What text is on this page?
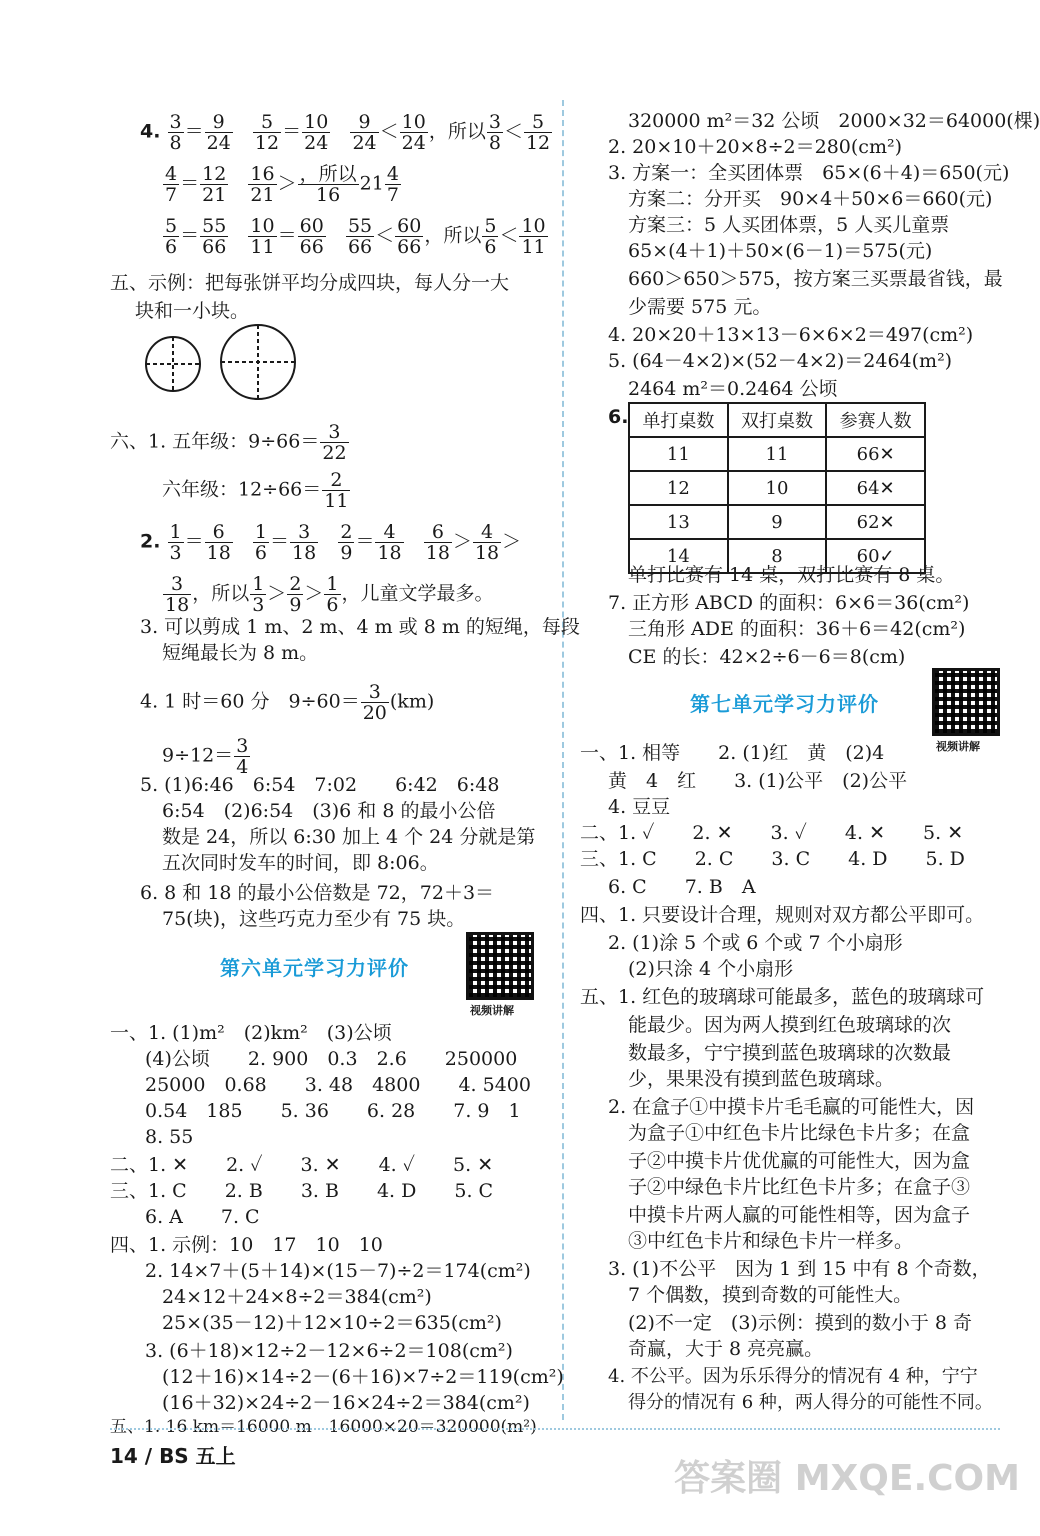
4. $\frac{3}{8} = \frac{9}{24}$
$\frac{5}{12} = \frac{10}{24}$
$\frac{9}{24} < \frac{10}{24}$ ，所以 $\frac{3}{8} < \frac{5}{12}$
$\frac{4}{7} = \frac{12}{21}$
$\frac{16}{21} > \frac{\text{，所以}}{16} 21 \frac{4}{7}$
$\frac{5}{6} = \frac{55}{66}$
$\frac{10}{11} = \frac{60}{66}$
$\frac{55}{66} < \frac{60}{66}$ ，所以 $\frac{5}{6} < \frac{10}{11}$
五、示例：把每张饼平均分成四块，每人分一大
块和一小块。
六、1. 五年级：$9\div 66= \frac{3}{22}$
六年级：$12\div 66= \frac{2}{11}$
2. $\frac{1}{3} = \frac{6}{18}$
$\frac{1}{6} = \frac{3}{18}$
$\frac{2}{9} = \frac{4}{18}$
$\frac{6}{18} > \frac{4}{18}$ ＞
$\frac{3}{18}$ ，所以 $\frac{1}{3} > \frac{2}{9} > \frac{1}{6}$ ，儿童文学最多。
3. 可以剪成 1 m、2 m、4 m 或 8 m 的短绳，每段
短绳最长为 8 m。
4. 1 时＝60 分　$9\div 60= \frac{3}{20} (km)$
$9\div 12= \frac{3}{4}$
5. (1)6:46　6:54　7:02　　6:42　6:48
6:54　(2)6:54　(3)6 和 8 的最小公倍
数是 24，所以 6:30 加上 4 个 24 分就是第
五次同时发车的时间，即 8:06。
6. 8 和 18 的最小公倍数是 72，72＋3＝
75(块)，这些巧克力至少有 75 块。
第六单元学习力评价
视频讲解
一、1. (1)m²　(2)km²　(3)公顷
(4)公顷　　2. 900　0.3　2.6　　250000
25000　0.68　　3. 48　4800　　4. 5400
0.54　185　　5. 36　　6. 28　　7. 9　1
8. 55
二、1. ✕　　2. ✓　　3. ✕　　4. ✓　　5. ✕
三、1. C　　2. B　　3. B　　4. D　　5. C
6. A　　7. C
四、1. 示例：10　17　10　10
2. 14×7＋(5＋14)×(15－7)÷2＝174(cm²)
24×12＋24×8÷2＝384(cm²)
25×(35－12)＋12×10÷2＝635(cm²)
3. (6＋18)×12÷2－12×6÷2＝108(cm²)
(12＋16)×14÷2－(6＋16)×7÷2＝119(cm²)
(16＋32)×24÷2－16×24÷2＝384(cm²)
五、1. 16 km＝16000 m　16000×20＝320000(m²)
320000 m²＝32 公顷　2000×32＝64000(棵)
2. 20×10＋20×8÷2＝280(cm²)
3. 方案一：全买团体票　65×(6＋4)＝650(元)
方案二：分开买　90×4＋50×6＝660(元)
方案三：5 人买团体票，5 人买儿童票
65×(4＋1)＋50×(6－1)＝575(元)
660＞650＞575，按方案三买票最省钱，最
少需要 575 元。
4. 20×20＋13×13－6×6×2＝497(cm²)
5. (64－4×2)×(52－4×2)＝2464(m²)
2464 m²＝0.2464 公顷
6. 单打桌数	双打桌数	参赛人数
11	11	66✕
12	10	64✕
13	9	62✕
14	8	60✓
单打比赛有 14 桌，双打比赛有 8 桌。
7. 正方形 ABCD 的面积：6×6＝36(cm²)
三角形 ADE 的面积：36＋6＝42(cm²)
CE 的长：42×2÷6－6＝8(cm)
第七单元学习力评价
视频讲解
一、1. 相等　　2. (1)红　黄　(2)4
黄　4　红　　3. (1)公平　(2)公平
4. 豆豆
二、1. ✓　　2. ✕　　3. ✓　　4. ✕　　5. ✕
三、1. C　　2. C　　3. C　　4. D　　5. D
6. C　　7. B　A
四、1. 只要设计合理，规则对双方都公平即可。
2. (1)涂 5 个或 6 个或 7 个小扇形
(2)只涂 4 个小扇形
五、1. 红色的玻璃球可能最多，蓝色的玻璃球可
能最少。因为两人摸到红色玻璃球的次
数最多，宁宁摸到蓝色玻璃球的次数最
少，果果没有摸到蓝色玻璃球。
2. 在盒子①中摸卡片毛毛赢的可能性大，因
为盒子①中红色卡片比绿色卡片多；在盒
子②中摸卡片优优赢的可能性大，因为盒
子②中绿色卡片比红色卡片多；在盒子③
中摸卡片两人赢的可能性相等，因为盒子
③中红色卡片和绿色卡片一样多。
3. (1)不公平　因为 1 到 15 中有 8 个奇数，
7 个偶数，摸到奇数的可能性大。
(2)不一定　(3)示例：摸到的数小于 8 奇
奇赢，大于 8 亮亮赢。
4. 不公平。因为乐乐得分的情况有 4 种，宁宁
得分的情况有 6 种，两人得分的可能性不同。
14 / BS 五上
答案圈 MXQE.COM
